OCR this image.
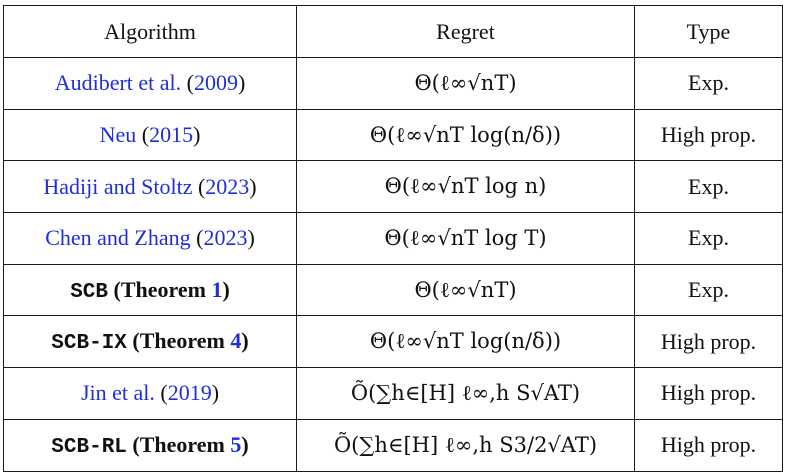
Algorithm	Regret	Type
Audibert et al. (2009)	Θ(ℓ∞√nT)	Exp.
Neu (2015)	Θ(ℓ∞√nT log(n/δ))	High prop.
Hadiji and Stoltz (2023)	Θ(ℓ∞√nT log n)	Exp.
Chen and Zhang (2023)	Θ(ℓ∞√nT log T)	Exp.
SCB (Theorem 1)	Θ(ℓ∞√nT)	Exp.
SCB-IX (Theorem 4)	Θ(ℓ∞√nT log(n/δ))	High prop.
Jin et al. (2019)	Õ(∑h∈[H] ℓ∞,h S√AT)	High prop.
SCB-RL (Theorem 5)	Õ(∑h∈[H] ℓ∞,h S3/2√AT)	High prop.
